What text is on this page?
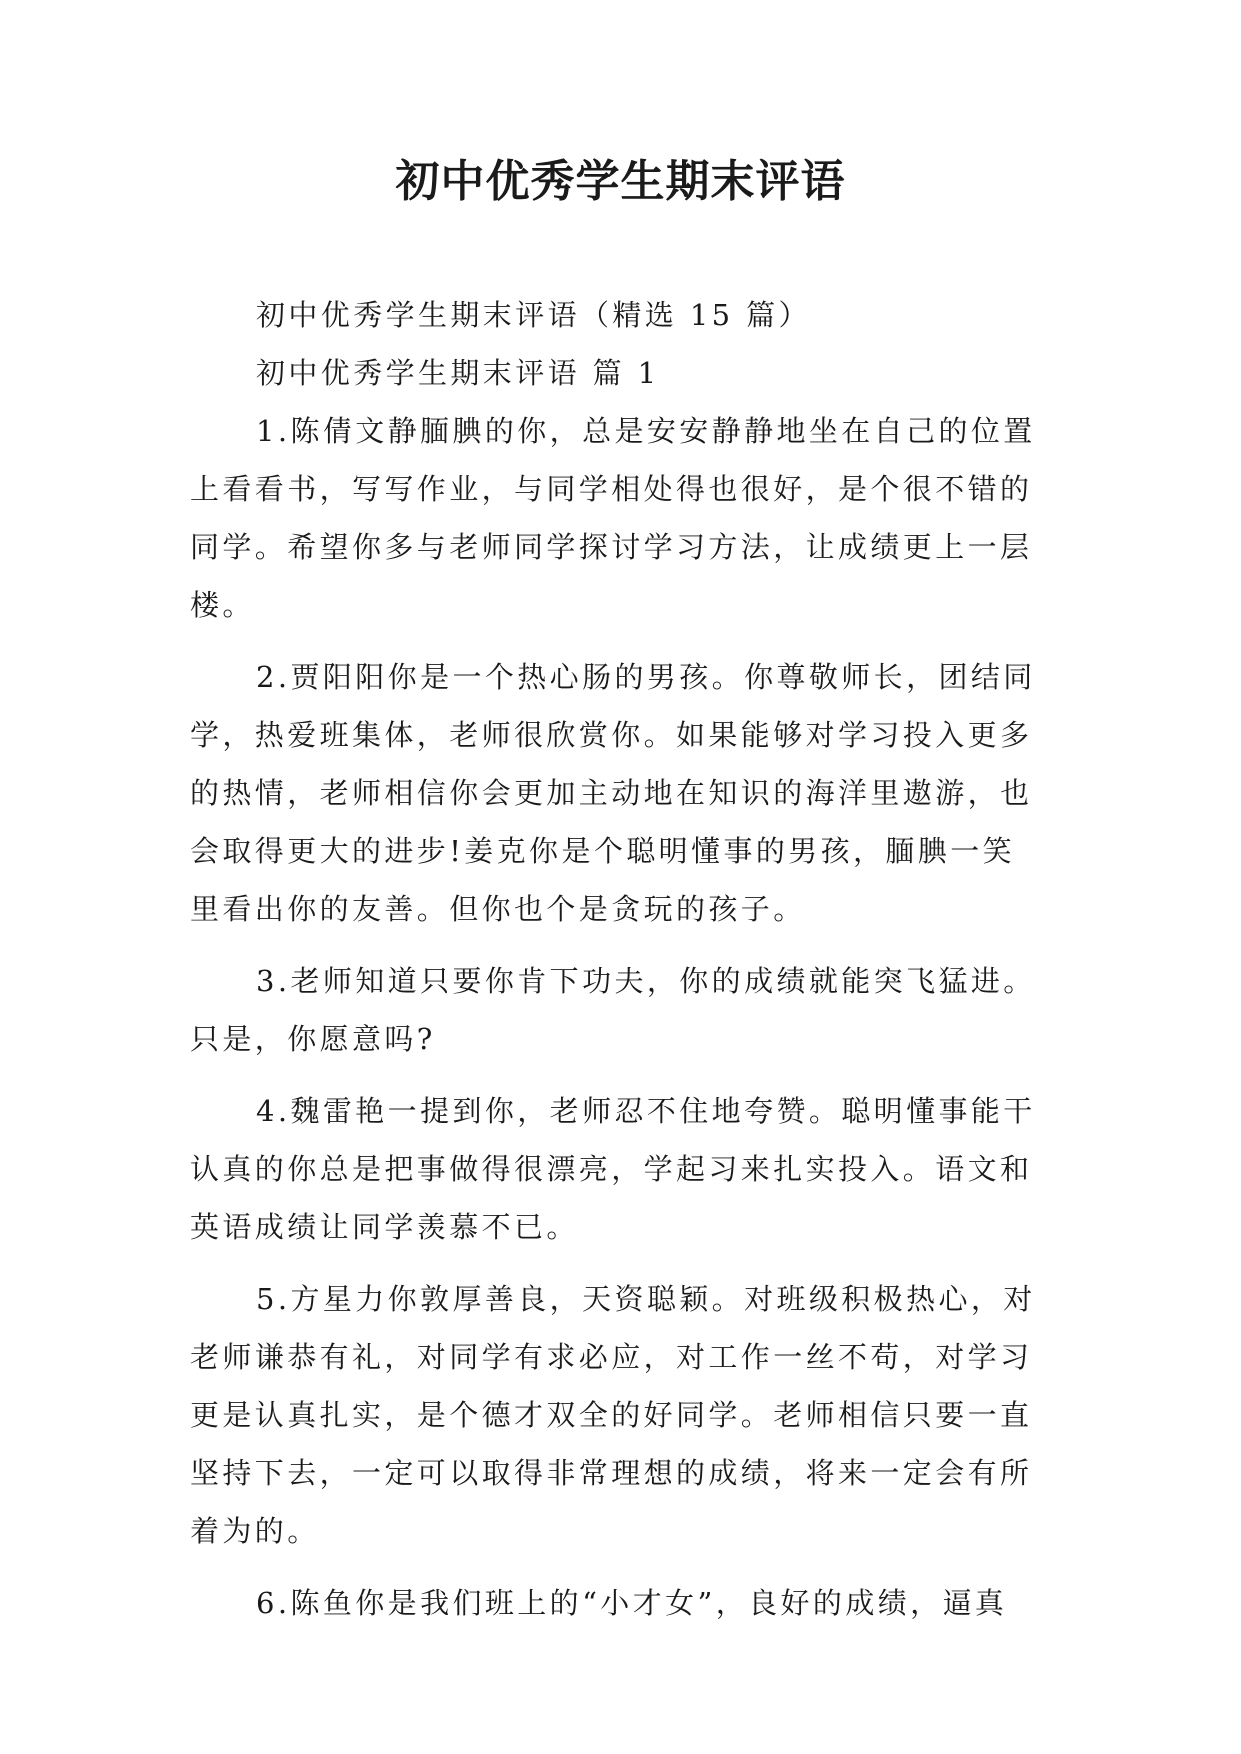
初中优秀学生期末评语

初中优秀学生期末评语（精选 15 篇）

初中优秀学生期末评语 篇 1

1.陈倩文静腼腆的你，总是安安静静地坐在自己的位置

上看看书，写写作业，与同学相处得也很好，是个很不错的

同学。希望你多与老师同学探讨学习方法，让成绩更上一层

楼。

2.贾阳阳你是一个热心肠的男孩。你尊敬师长，团结同

学，热爱班集体，老师很欣赏你。如果能够对学习投入更多

的热情，老师相信你会更加主动地在知识的海洋里遨游，也

会取得更大的进步!姜克你是个聪明懂事的男孩，腼腆一笑

里看出你的友善。但你也个是贪玩的孩子。

3.老师知道只要你肯下功夫，你的成绩就能突飞猛进。

只是，你愿意吗?

4.魏雷艳一提到你，老师忍不住地夸赞。聪明懂事能干

认真的你总是把事做得很漂亮，学起习来扎实投入。语文和

英语成绩让同学羡慕不已。

5.方星力你敦厚善良，天资聪颖。对班级积极热心，对

老师谦恭有礼，对同学有求必应，对工作一丝不苟，对学习

更是认真扎实，是个德才双全的好同学。老师相信只要一直

坚持下去，一定可以取得非常理想的成绩，将来一定会有所

着为的。

6.陈鱼你是我们班上的“小才女”，良好的成绩，逼真
